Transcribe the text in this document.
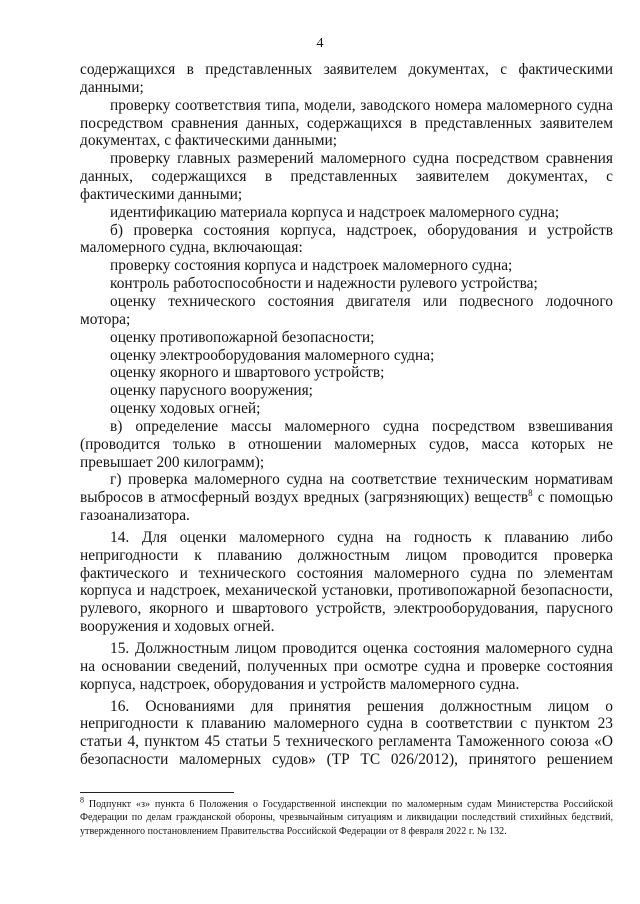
4

содержащихся в представленных заявителем документах, с фактическими данными;

проверку соответствия типа, модели, заводского номера маломерного судна посредством сравнения данных, содержащихся в представленных заявителем документах, с фактическими данными;

проверку главных размерений маломерного судна посредством сравнения данных, содержащихся в представленных заявителем документах, с фактическими данными;

идентификацию материала корпуса и надстроек маломерного судна;

б) проверка состояния корпуса, надстроек, оборудования и устройств маломерного судна, включающая:

проверку состояния корпуса и надстроек маломерного судна;

контроль работоспособности и надежности рулевого устройства;

оценку технического состояния двигателя или подвесного лодочного мотора;

оценку противопожарной безопасности;

оценку электрооборудования маломерного судна;

оценку якорного и швартового устройств;

оценку парусного вооружения;

оценку ходовых огней;

в) определение массы маломерного судна посредством взвешивания (проводится только в отношении маломерных судов, масса которых не превышает 200 килограмм);

г) проверка маломерного судна на соответствие техническим нормативам выбросов в атмосферный воздух вредных (загрязняющих) веществ$^8$ с помощью газоанализатора.

14. Для оценки маломерного судна на годность к плаванию либо непригодности к плаванию должностным лицом проводится проверка фактического и технического состояния маломерного судна по элементам корпуса и надстроек, механической установки, противопожарной безопасности, рулевого, якорного и швартового устройств, электрооборудования, парусного вооружения и ходовых огней.

15. Должностным лицом проводится оценка состояния маломерного судна на основании сведений, полученных при осмотре судна и проверке состояния корпуса, надстроек, оборудования и устройств маломерного судна.

16. Основаниями для принятия решения должностным лицом о непригодности к плаванию маломерного судна в соответствии с пунктом 23 статьи 4, пунктом 45 статьи 5 технического регламента Таможенного союза «О безопасности маломерных судов» (ТР ТС 026/2012), принятого решением

$^8$ Подпункт «з» пункта 6 Положения о Государственной инспекции по маломерным судам Министерства Российской Федерации по делам гражданской обороны, чрезвычайным ситуациям и ликвидации последствий стихийных бедствий, утвержденного постановлением Правительства Российской Федерации от 8 февраля 2022 г. № 132.
